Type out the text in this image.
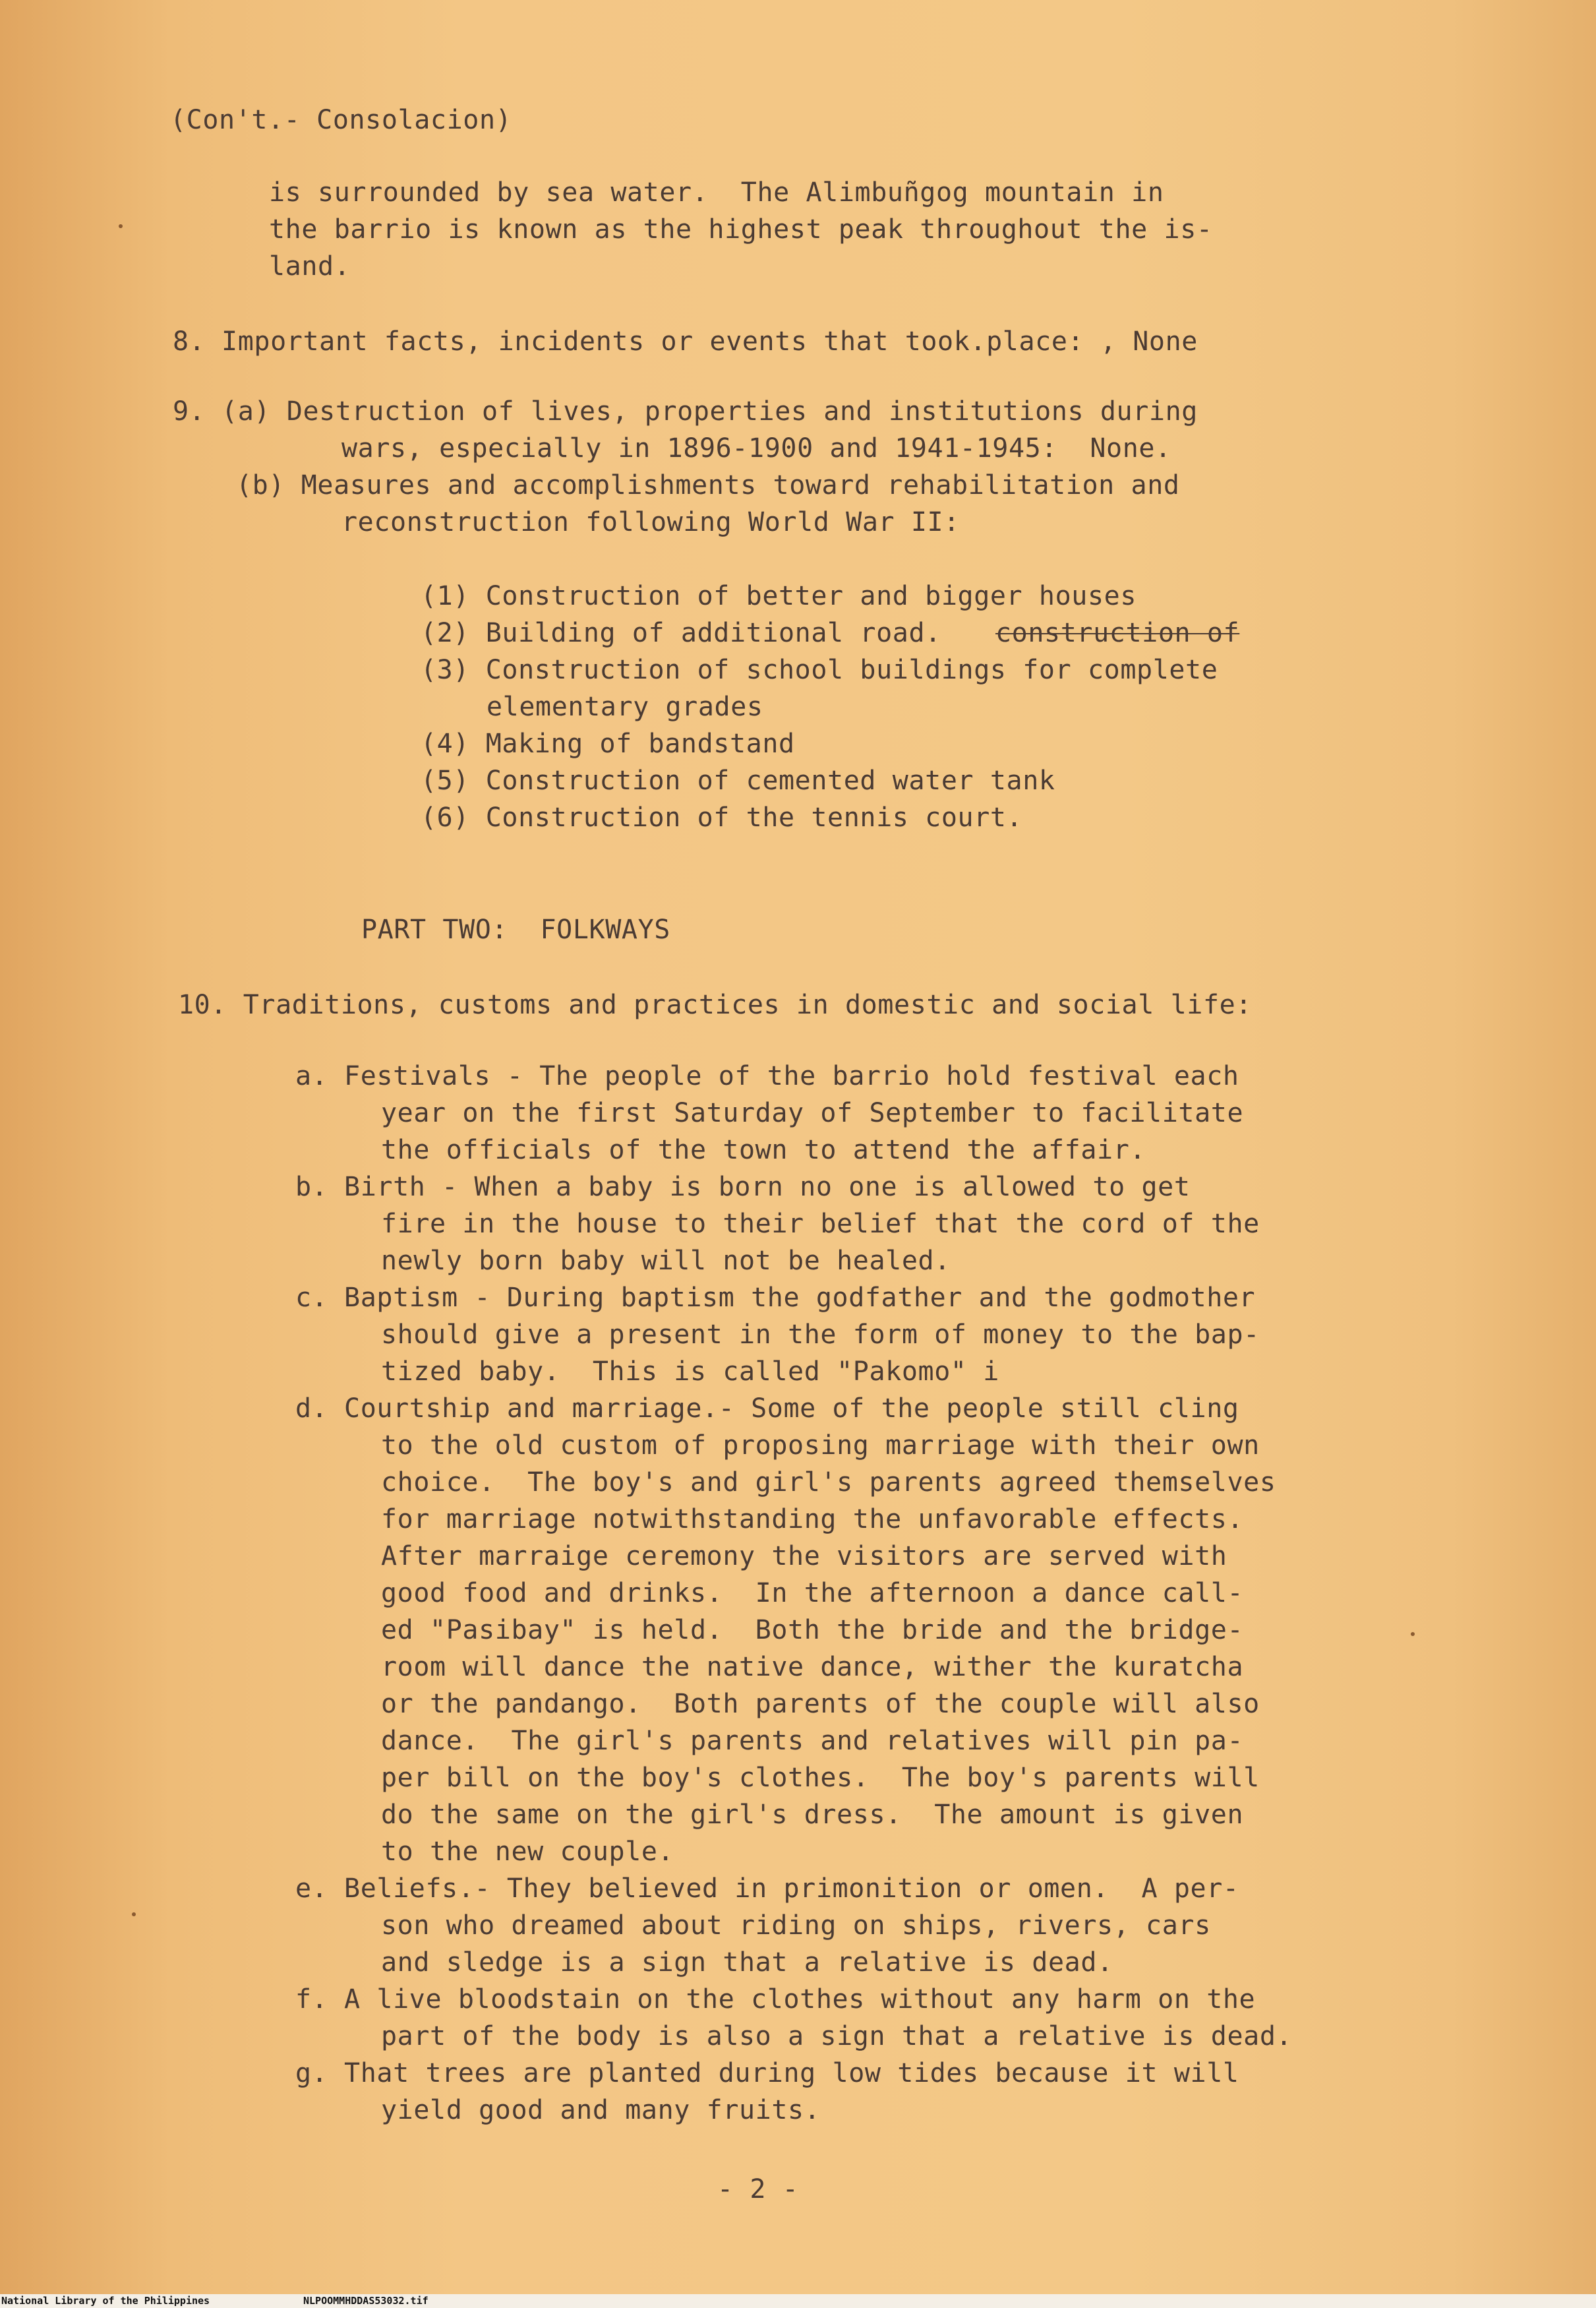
(Con't.- Consolacion)
is surrounded by sea water.  The Alimbuñgog mountain in
the barrio is known as the highest peak throughout the is-
land.
8. Important facts, incidents or events that took.place: , None
9. (a) Destruction of lives, properties and institutions during
wars, especially in 1896-1900 and 1941-1945:  None.
(b) Measures and accomplishments toward rehabilitation and
reconstruction following World War II:
(1) Construction of better and bigger houses
(2) Building of additional road. construction of
(3) Construction of school buildings for complete
elementary grades
(4) Making of bandstand
(5) Construction of cemented water tank
(6) Construction of the tennis court.
PART TWO:  FOLKWAYS
10. Traditions, customs and practices in domestic and social life:
a. Festivals - The people of the barrio hold festival each
year on the first Saturday of September to facilitate
the officials of the town to attend the affair.
b. Birth - When a baby is born no one is allowed to get
fire in the house to their belief that the cord of the
newly born baby will not be healed.
c. Baptism - During baptism the godfather and the godmother
should give a present in the form of money to the bap-
tized baby.  This is called "Pakomo" i
d. Courtship and marriage.- Some of the people still cling
to the old custom of proposing marriage with their own
choice.  The boy's and girl's parents agreed themselves
for marriage notwithstanding the unfavorable effects.
After marraige ceremony the visitors are served with
good food and drinks.  In the afternoon a dance call-
ed "Pasibay" is held.  Both the bride and the bridge-
room will dance the native dance, wither the kuratcha
or the pandango.  Both parents of the couple will also
dance.  The girl's parents and relatives will pin pa-
per bill on the boy's clothes.  The boy's parents will
do the same on the girl's dress.  The amount is given
to the new couple.
e. Beliefs.- They believed in primonition or omen.  A per-
son who dreamed about riding on ships, rivers, cars
and sledge is a sign that a relative is dead.
f. A live bloodstain on the clothes without any harm on the
part of the body is also a sign that a relative is dead.
g. That trees are planted during low tides because it will
yield good and many fruits.
- 2 -
National Library of the Philippines	NLPOOMMHDDAS53032.tif
